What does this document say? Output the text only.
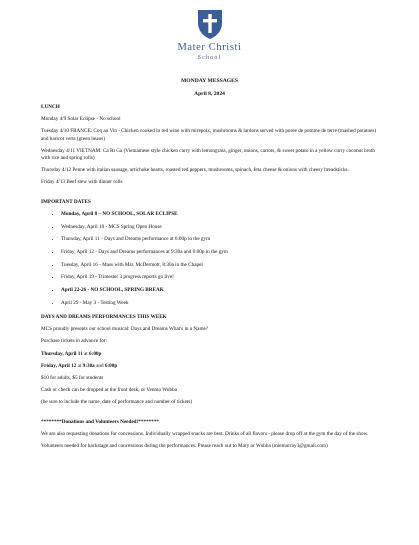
Mater Christi
School
MONDAY MESSAGES
April 8, 2024
LUNCH
Monday 4/9 Solar Eclipse - No school
Tuesday 4/10 FRANCE: Coq au Vin - Chicken cooked in red wine with mirepoix, mushrooms & lardons served with puree de pomme de terre (mashed potatoes) and haricot verts (green beans)
Wednesday 4/11 VIETNAM: Ca Ri Ga (Vietnamese style chicken curry with lemongrass, ginger, onions, carrots, & sweet potato in a yellow curry coconut broth with rice and spring rolls)
Thursday 4/12 Penne with italian sausage, artichoke hearts, roasted red peppers, mushrooms, spinach, feta cheese & onions with cheesy breadsticks.
Friday 4/13 Beef stew with dinner rolls
IMPORTANT DATES
• Monday, April 8 – NO SCHOOL, SOLAR ECLIPSE
• Wednesday, April 10 - MCS Spring Open House
• Thursday, April 11 - Days and Dreams performance at 6:00p in the gym
• Friday, April 12 - Days and Dreams performances at 9:30a and 6:00p in the gym
• Tuesday, April 16 - Mass with Msr. McDermott, 8:30a in the Chapel
• Friday, April 19 - Trimester 3 progress reports go live!
• April 22-26 - NO SCHOOL, SPRING BREAK
• April 29 - May 3 - Testing Week
DAYS AND DREAMS PERFORMANCES THIS WEEK
MCS proudly presents our school musical: Days and Dreams What's in a Name?
Purchase tickets in advance for:
Thursday, April 11 at 6:00p
Friday, April 12 at 9:30a and 6:00p
$10 for adults, $5 for students
Cash or check can be dropped at the front desk, or Venmo Wubba
(be sure to include the name, date of performance and number of tickets)
********Donations and Volunteers Needed!********
We are also requesting donations for concessions. Individually wrapped snacks are best. Drinks of all flavors - please drop off at the gym the day of the show.
Volunteers needed for backstage and concessions during the performances. Please reach out to Mary or Wubba (mlemurray3@gmail.com)
